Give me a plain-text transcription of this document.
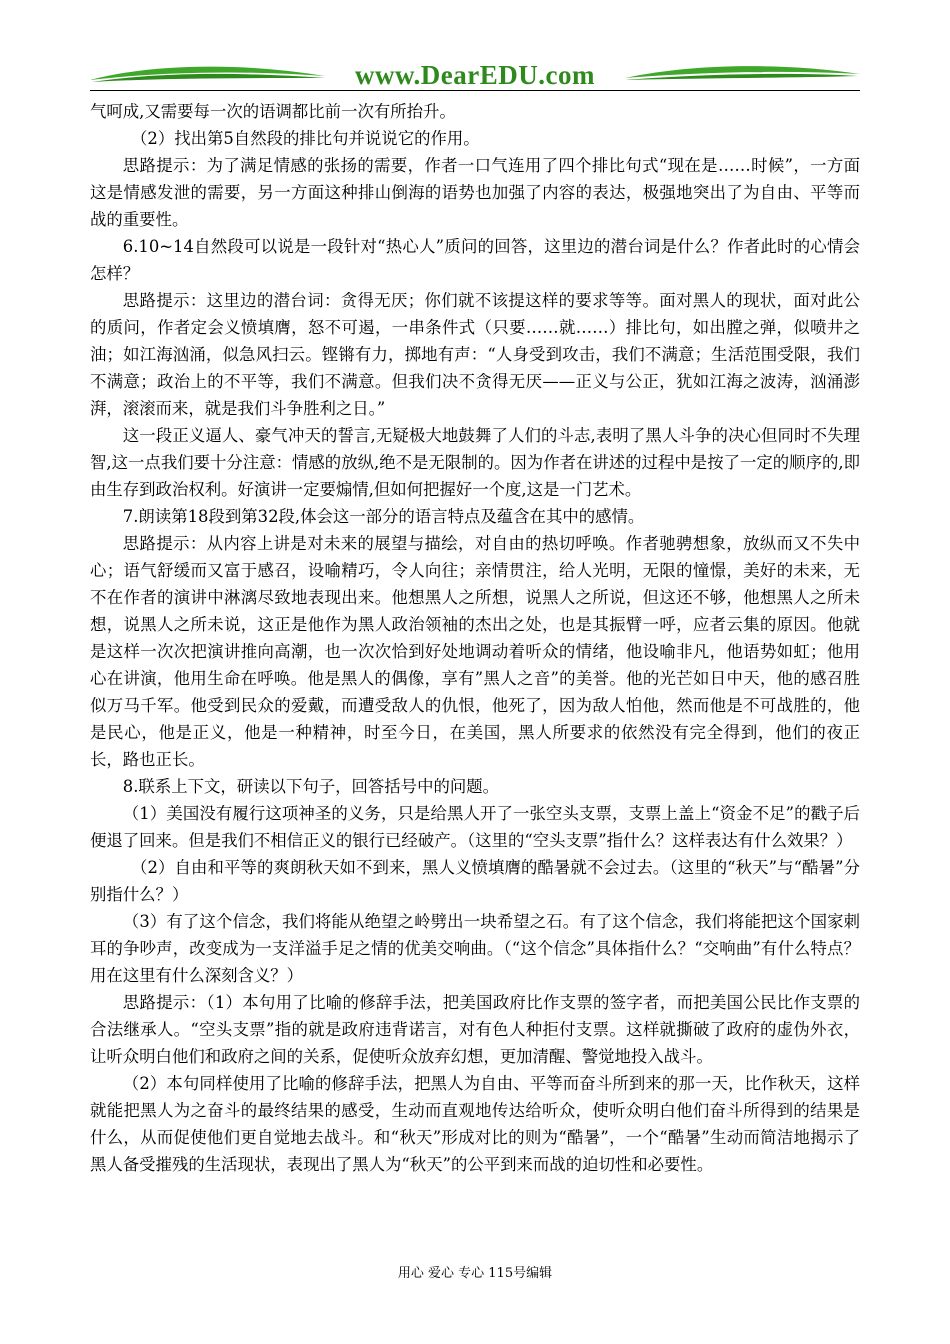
www.DearEDU.com

气呵成,又需要每一次的语调都比前一次有所抬升。

（2）找出第5自然段的排比句并说说它的作用。

思路提示：为了满足情感的张扬的需要，作者一口气连用了四个排比句式“现在是……时候”，一方面这是情感发泄的需要，另一方面这种排山倒海的语势也加强了内容的表达，极强地突出了为自由、平等而战的重要性。

6.10~14自然段可以说是一段针对“热心人”质问的回答，这里边的潜台词是什么？作者此时的心情会怎样？

思路提示：这里边的潜台词：贪得无厌；你们就不该提这样的要求等等。面对黑人的现状，面对此公的质问，作者定会义愤填膺，怒不可遏，一串条件式（只要……就……）排比句，如出膛之弹，似喷井之油；如江海汹涌，似急风扫云。铿锵有力，掷地有声：“人身受到攻击，我们不满意；生活范围受限，我们不满意；政治上的不平等，我们不满意。但我们决不贪得无厌——正义与公正，犹如江海之波涛，汹涌澎湃，滚滚而来，就是我们斗争胜利之日。”

这一段正义逼人、豪气冲天的誓言,无疑极大地鼓舞了人们的斗志,表明了黑人斗争的决心但同时不失理智,这一点我们要十分注意：情感的放纵,绝不是无限制的。因为作者在讲述的过程中是按了一定的顺序的,即由生存到政治权利。好演讲一定要煽情,但如何把握好一个度,这是一门艺术。

7.朗读第18段到第32段,体会这一部分的语言特点及蕴含在其中的感情。

思路提示：从内容上讲是对未来的展望与描绘，对自由的热切呼唤。作者驰骋想象，放纵而又不失中心；语气舒缓而又富于感召，设喻精巧，令人向往；亲情贯注，给人光明，无限的憧憬，美好的未来，无不在作者的演讲中淋漓尽致地表现出来。他想黑人之所想，说黑人之所说，但这还不够，他想黑人之所未想，说黑人之所未说，这正是他作为黑人政治领袖的杰出之处，也是其振臂一呼，应者云集的原因。他就是这样一次次把演讲推向高潮，也一次次恰到好处地调动着听众的情绪，他设喻非凡，他语势如虹；他用心在讲演，他用生命在呼唤。他是黑人的偶像，享有”黑人之音”的美誉。他的光芒如日中天，他的感召胜似万马千军。他受到民众的爱戴，而遭受敌人的仇恨，他死了，因为敌人怕他，然而他是不可战胜的，他是民心，他是正义，他是一种精神，时至今日，在美国，黑人所要求的依然没有完全得到，他们的夜正长，路也正长。

8.联系上下文，研读以下句子，回答括号中的问题。

（1）美国没有履行这项神圣的义务，只是给黑人开了一张空头支票，支票上盖上“资金不足”的戳子后便退了回来。但是我们不相信正义的银行已经破产。（这里的“空头支票”指什么？这样表达有什么效果？）

（2）自由和平等的爽朗秋天如不到来，黑人义愤填膺的酷暑就不会过去。（这里的“秋天”与“酷暑”分别指什么？）

（3）有了这个信念，我们将能从绝望之岭劈出一块希望之石。有了这个信念，我们将能把这个国家刺耳的争吵声，改变成为一支洋溢手足之情的优美交响曲。（“这个信念”具体指什么？“交响曲”有什么特点？用在这里有什么深刻含义？）

思路提示：（1）本句用了比喻的修辞手法，把美国政府比作支票的签字者，而把美国公民比作支票的合法继承人。“空头支票”指的就是政府违背诺言，对有色人种拒付支票。这样就撕破了政府的虚伪外衣，让听众明白他们和政府之间的关系，促使听众放弃幻想，更加清醒、警觉地投入战斗。

（2）本句同样使用了比喻的修辞手法，把黑人为自由、平等而奋斗所到来的那一天，比作秋天，这样就能把黑人为之奋斗的最终结果的感受，生动而直观地传达给听众，使听众明白他们奋斗所得到的结果是什么，从而促使他们更自觉地去战斗。和“秋天”形成对比的则为“酷暑”，一个“酷暑”生动而简洁地揭示了黑人备受摧残的生活现状，表现出了黑人为“秋天”的公平到来而战的迫切性和必要性。

用心 爱心 专心 115号编辑
